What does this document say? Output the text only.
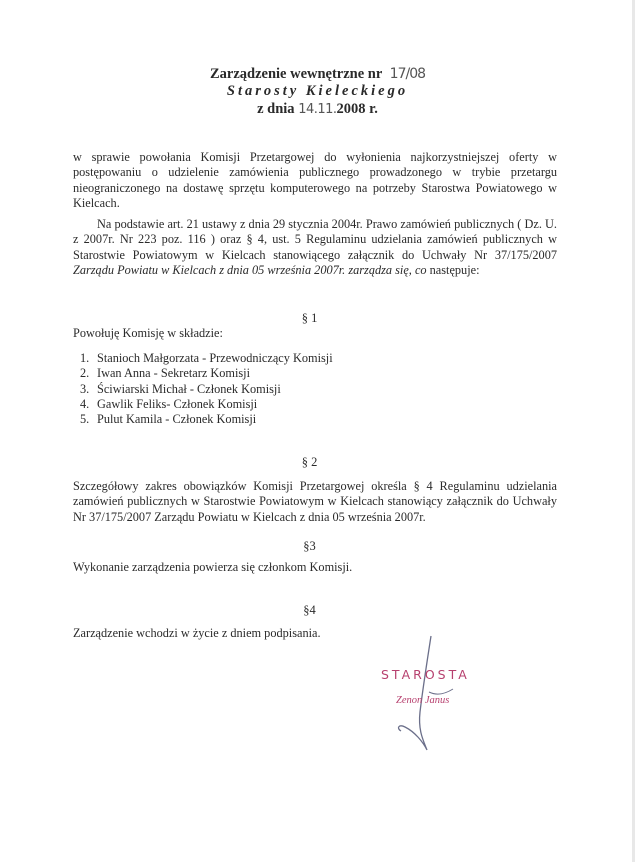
Zarządzenie wewnętrzne nr 17/08
Starosty Kieleckiego
z dnia 14.11.2008 r.
w sprawie powołania Komisji Przetargowej do wyłonienia najkorzystniejszej oferty w postępowaniu o udzielenie zamówienia publicznego prowadzonego w trybie przetargu nieograniczonego na dostawę sprzętu komputerowego na potrzeby Starostwa Powiatowego w Kielcach.
Na podstawie art. 21 ustawy z dnia 29 stycznia 2004r. Prawo zamówień publicznych ( Dz. U. z 2007r. Nr 223 poz. 116 ) oraz § 4, ust. 5 Regulaminu udzielania zamówień publicznych w Starostwie Powiatowym w Kielcach stanowiącego załącznik do Uchwały Nr 37/175/2007 Zarządu Powiatu w Kielcach z dnia 05 września 2007r. zarządza się, co następuje:
§ 1
Powołuję Komisję w składzie:
1. Stanioch Małgorzata - Przewodniczący Komisji
2. Iwan Anna - Sekretarz Komisji
3. Ściwiarski Michał - Członek Komisji
4. Gawlik Feliks- Członek Komisji
5. Pulut Kamila - Członek Komisji
§ 2
Szczegółowy zakres obowiązków Komisji Przetargowej określa § 4 Regulaminu udzielania zamówień publicznych w Starostwie Powiatowym w Kielcach stanowiący załącznik do Uchwały Nr 37/175/2007 Zarządu Powiatu w Kielcach z dnia 05 września 2007r.
§3
Wykonanie zarządzenia powierza się członkom Komisji.
§4
Zarządzenie wchodzi w życie z dniem podpisania.
STAROSTA
Zenon Janus
